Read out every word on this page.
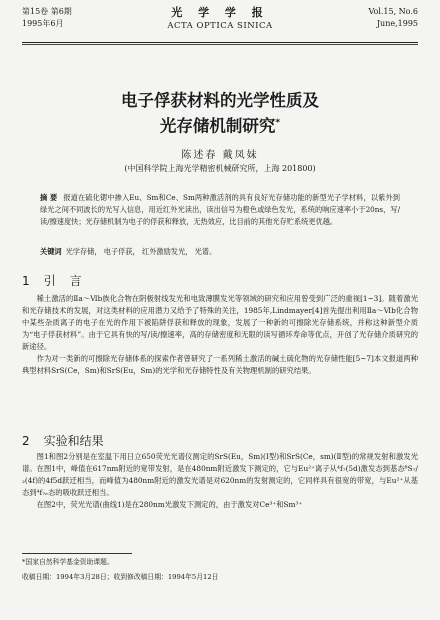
第15卷 第6期
1995年6月
光 学 学 报
ACTA OPTICA SINICA
Vol.15, No.6
June,1995
电子俘获材料的光学性质及
光存储机制研究*
陈述春 戴凤妹
(中国科学院上海光学精密机械研究所，上海 201800)
摘 要 报道在硫化锶中掺入Eu、Sm和Ce、Sm两种激活剂的具有良好光存储功能的新型光子学材料，以紫外到绿光之间不同波长的光写入信息，用近红外光读出，读出信号为橙色或绿色发光，系统的响应速率小于20ns，写/读/擦速度快；光存储机制为电子的俘获和释放，无热效应，比目前的其他光存贮系统更优越。
关键词 光学存储， 电子俘获， 红外激励发光， 光谱。
1 引言

稀土激活的Ⅱa～Ⅵb族化合物在阴极射线发光和电致薄膜发光等领域的研究和应用曾受到广泛的重视[1~3]。随着激光和光存储技术的发展，对这类材料的应用潜力又给予了特殊的关注，1985年,Lindmayer[4]首先提出利用Ⅱa～Ⅵb化合物中某些杂质离子的电子在光的作用下被陷阱俘获和释放的现象，发展了一种新的可擦除光存储系统，并称这种新型介质为“电子俘获材料”。由于它具有快的写/读/擦速率，高的存储密度和无限的读写循环寿命等优点，开创了光存储介质研究的新途径。

作为对一类新的可擦除光存储体系的探索作者曾研究了一系列稀土激活的碱土硫化物的光存储性能[5~7]本文报道两种典型材料SrS(Ce，Sm)和SrS(Eu，Sm)的光学和光存储特性及有关物理机制的研究结果。

2 实验和结果

图1和图2分别是在室温下用日立650荧光光谱仪测定的SrS(Eu，Sm)(Ⅰ型)和SrS(Ce，sm)(Ⅱ型)的常规发射和激发光谱。在图1中，峰值在617nm附近的宽带发射，是在480nm附近激发下测定的，它与Eu²⁺离子从⁴f₇(5d)激发态到基态⁸S₇/₂(4f)的4f5d跃迁相当，而峰值为480nm附近的激发光谱是对620nm的发射测定的，它同样具有很宽的带宽，与Eu²⁺从基态到⁴f₇ₑ态的吸收跃迁相当。

在图2中，荧光光谱(曲线1)是在280nm光激发下测定的，由于激发对Ce³⁺和Sm³⁺

*国家自然科学基金资助课题。
收稿日期：1994年3月28日；收到修改稿日期：1994年5月12日
